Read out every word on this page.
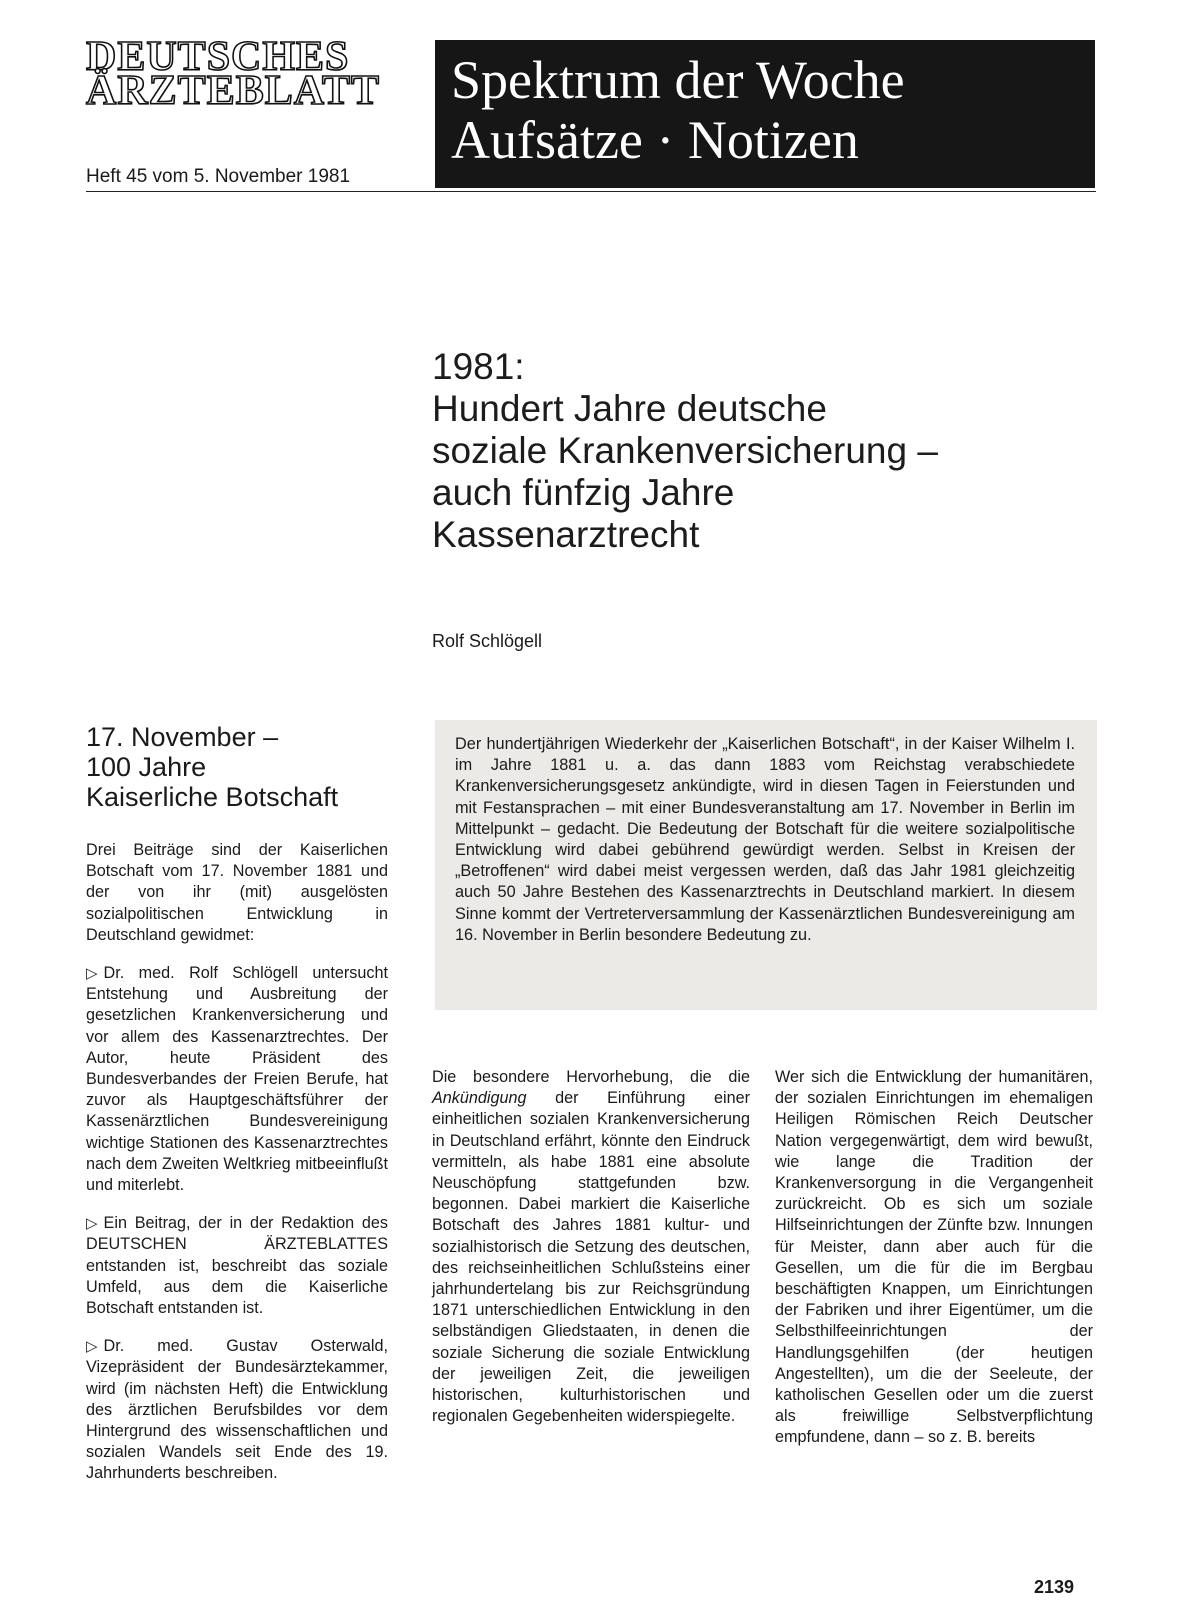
DEUTSCHES
ÄRZTEBLATT
Heft 45 vom 5. November 1981
Spektrum der Woche
Aufsätze · Notizen
1981:
Hundert Jahre deutsche
soziale Krankenversicherung –
auch fünfzig Jahre
Kassenarztrecht
Rolf Schlögell
17. November –
100 Jahre
Kaiserliche Botschaft

Drei Beiträge sind der Kaiserlichen Botschaft vom 17. November 1881 und der von ihr (mit) ausgelösten sozialpolitischen Entwicklung in Deutschland gewidmet:

▷ Dr. med. Rolf Schlögell untersucht Entstehung und Ausbreitung der gesetzlichen Krankenversicherung und vor allem des Kassenarztrechtes. Der Autor, heute Präsident des Bundesverbandes der Freien Berufe, hat zuvor als Hauptgeschäftsführer der Kassenärztlichen Bundesvereinigung wichtige Stationen des Kassenarztrechtes nach dem Zweiten Weltkrieg mitbeeinflußt und miterlebt.

▷ Ein Beitrag, der in der Redaktion des DEUTSCHEN ÄRZTEBLATTES entstanden ist, beschreibt das soziale Umfeld, aus dem die Kaiserliche Botschaft entstanden ist.

▷ Dr. med. Gustav Osterwald, Vizepräsident der Bundesärztekammer, wird (im nächsten Heft) die Entwicklung des ärztlichen Berufsbildes vor dem Hintergrund des wissenschaftlichen und sozialen Wandels seit Ende des 19. Jahrhunderts beschreiben.

Der hundertjährigen Wiederkehr der „Kaiserlichen Botschaft“, in der Kaiser Wilhelm I. im Jahre 1881 u. a. das dann 1883 vom Reichstag verabschiedete Krankenversicherungsgesetz ankündigte, wird in diesen Tagen in Feierstunden und mit Festansprachen – mit einer Bundesveranstaltung am 17. November in Berlin im Mittelpunkt – gedacht. Die Bedeutung der Botschaft für die weitere sozialpolitische Entwicklung wird dabei gebührend gewürdigt werden. Selbst in Kreisen der „Betroffenen“ wird dabei meist vergessen werden, daß das Jahr 1981 gleichzeitig auch 50 Jahre Bestehen des Kassenarztrechts in Deutschland markiert. In diesem Sinne kommt der Vertreterversammlung der Kassenärztlichen Bundesvereinigung am 16. November in Berlin besondere Bedeutung zu.

Die besondere Hervorhebung, die die Ankündigung der Einführung einer einheitlichen sozialen Krankenversicherung in Deutschland erfährt, könnte den Eindruck vermitteln, als habe 1881 eine absolute Neuschöpfung stattgefunden bzw. begonnen. Dabei markiert die Kaiserliche Botschaft des Jahres 1881 kultur- und sozialhistorisch die Setzung des deutschen, des reichseinheitlichen Schlußsteins einer jahrhundertelang bis zur Reichsgründung 1871 unterschiedlichen Entwicklung in den selbständigen Gliedstaaten, in denen die soziale Sicherung die soziale Entwicklung der jeweiligen Zeit, die jeweiligen historischen, kulturhistorischen und regionalen Gegebenheiten widerspiegelte.

Wer sich die Entwicklung der humanitären, der sozialen Einrichtungen im ehemaligen Heiligen Römischen Reich Deutscher Nation vergegenwärtigt, dem wird bewußt, wie lange die Tradition der Krankenversorgung in die Vergangenheit zurückreicht. Ob es sich um soziale Hilfseinrichtungen der Zünfte bzw. Innungen für Meister, dann aber auch für die Gesellen, um die für die im Bergbau beschäftigten Knappen, um Einrichtungen der Fabriken und ihrer Eigentümer, um die Selbsthilfeeinrichtungen der Handlungsgehilfen (der heutigen Angestellten), um die der Seeleute, der katholischen Gesellen oder um die zuerst als freiwillige Selbstverpflichtung empfundene, dann – so z. B. bereits

2139
